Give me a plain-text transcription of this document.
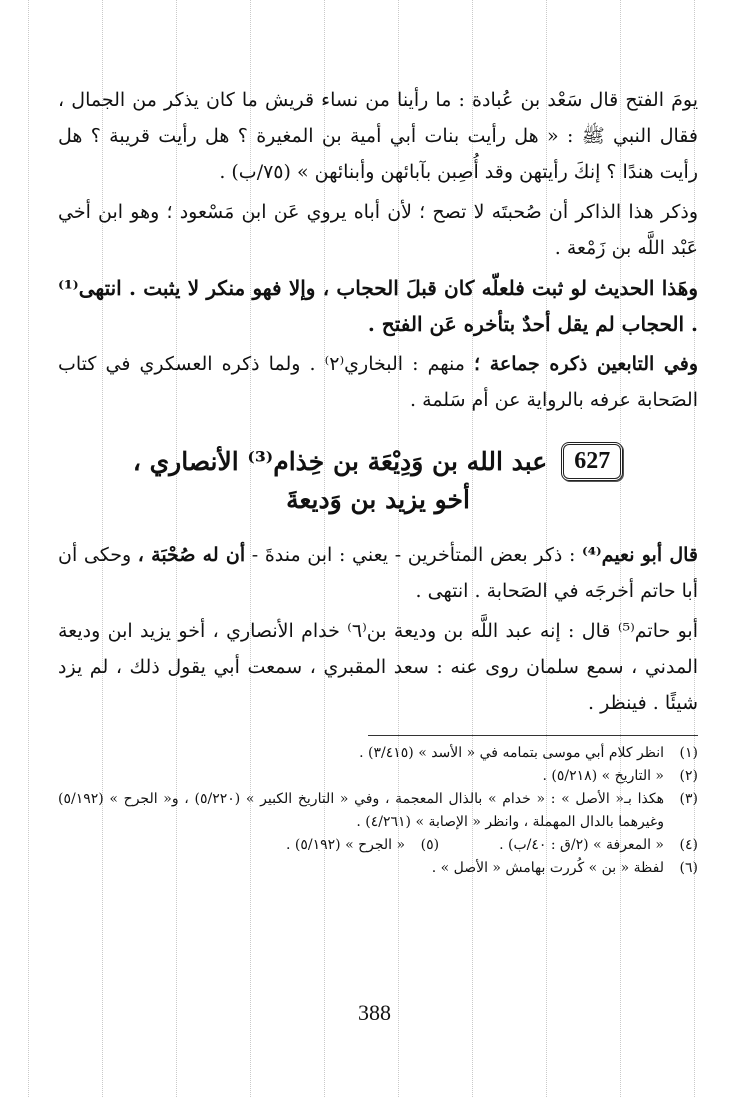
يومَ الفتح قال سَعْد بن عُبادة : ما رأينا من نساء قريش ما كان يذكر من الجمال ، فقال النبي ﷺ : « هل رأيت بنات أبي أمية بن المغيرة ؟ هل رأيت قريبة ؟ هل رأيت هندًا ؟ إنكَ رأيتهن وقد أُصِبن بآبائهن وأبنائهن » (٧٥/ب) .

وذكر هذا الذاكر أن صُحبتَه لا تصح ؛ لأن أباه يروي عَن ابن مَسْعود ؛ وهو ابن أخي عَبْد اللَّه بن زَمْعة .

وهَذا الحديث لو ثبت فلعلّه كان قبلَ الحجاب ، وإلا فهو منكر لا يثبت . انتهى⁽¹⁾ . الحجاب لم يقل أحدٌ بتأخره عَن الفتح .

وفي التابعين ذكره جماعة ؛ منهم : البخاري⁽٢⁾ . ولما ذكره العسكري في كتاب الصَحابة عرفه بالرواية عن أم سَلمة .

627
عبد الله بن وَدِيْعَة بن خِذام⁽³⁾ الأنصاري ،
أخو يزيد بن وَديعةَ

قال أبو نعيم⁽⁴⁾ : ذكر بعض المتأخرين - يعني : ابن مندةَ - أن له صُحْبَة ، وحكى أن أبا حاتم أخرجَه في الصَحابة . انتهى .

أبو حاتم⁽⁵⁾ قال : إنه عبد اللَّه بن وديعة بن⁽٦⁾ خدام الأنصاري ، أخو يزيد ابن وديعة المدني ، سمع سلمان روى عنه : سعد المقبري ، سمعت أبي يقول ذلك ، لم يزد شيئًا . فينظر .

(١)
انظر كلام أبي موسى بتمامه في « الأسد » (٣/٤١٥) .
(٢)
« التاريخ » (٥/٢١٨) .
(٣)
هكذا بـ« الأصل » : « خدام » بالذال المعجمة ، وفي « التاريخ الكبير » (٥/٢٢٠) ، و« الجرح » (٥/١٩٢) وغيرهما بالدال المهملة ، وانظر « الإصابة » (٤/٢٦١) .
(٤)
« المعرفة » (٢/ق : ٤٠/ب) .
(٥)
« الجرح » (٥/١٩٢) .
(٦)
لفظة « بن » كُررت بهامش « الأصل » .
388
